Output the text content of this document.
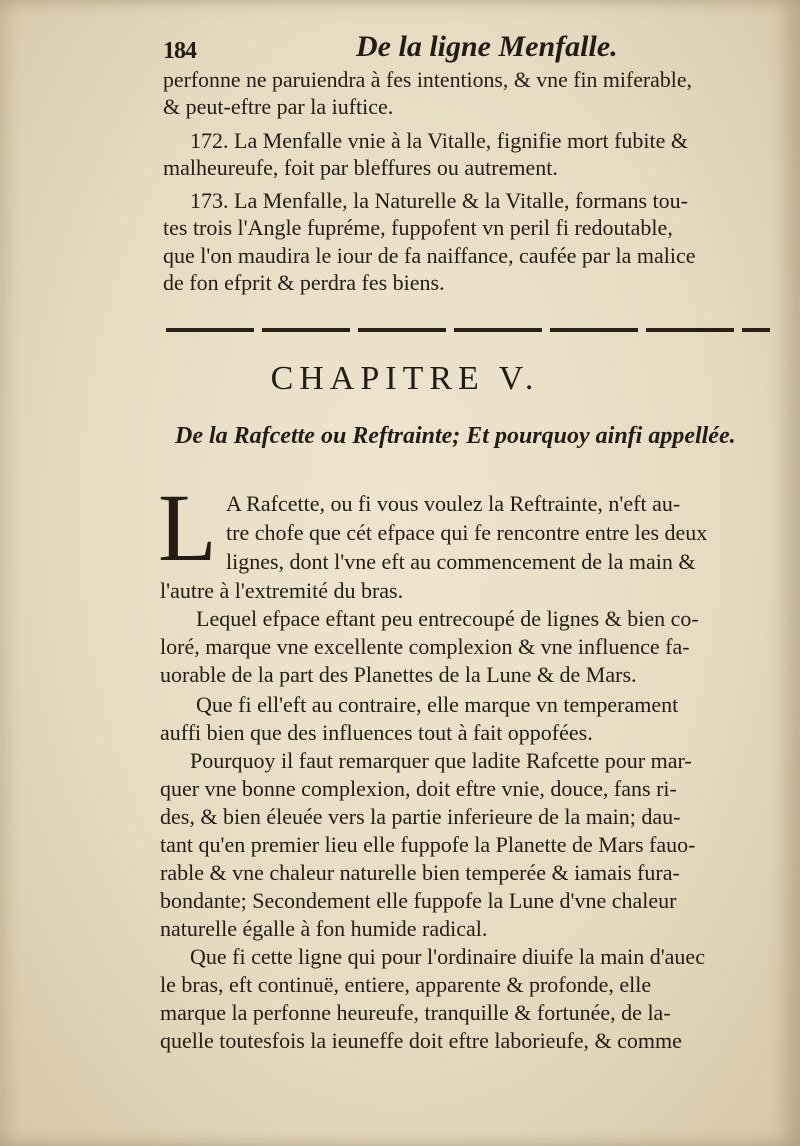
184	De la ligne Menfalle.
perfonne ne paruiendra à fes intentions, & vne fin miferable,
& peut-eftre par la iuftice.
172. La Menfalle vnie à la Vitalle, fignifie mort fubite &
malheureufe, foit par bleffures ou autrement.
173. La Menfalle, la Naturelle & la Vitalle, formans tou-
tes trois l'Angle fupréme, fuppofent vn peril fi redoutable,
que l'on maudira le iour de fa naiffance, caufée par la malice
de fon efprit & perdra fes biens.
CHAPITRE V.
De la Rafcette ou Reftrainte; Et pourquoy ainfi appellée.
L A Rafcette, ou fi vous voulez la Reftrainte, n'eft au-
tre chofe que cét efpace qui fe rencontre entre les deux
lignes, dont l'vne eft au commencement de la main &
l'autre à l'extremité du bras.
Lequel efpace eftant peu entrecoupé de lignes & bien co-
loré, marque vne excellente complexion & vne influence fa-
uorable de la part des Planettes de la Lune & de Mars.
Que fi ell'eft au contraire, elle marque vn temperament
auffi bien que des influences tout à fait oppofées.
Pourquoy il faut remarquer que ladite Rafcette pour mar-
quer vne bonne complexion, doit eftre vnie, douce, fans ri-
des, & bien éleuée vers la partie inferieure de la main; dau-
tant qu'en premier lieu elle fuppofe la Planette de Mars fauo-
rable & vne chaleur naturelle bien temperée & iamais fura-
bondante; Secondement elle fuppofe la Lune d'vne chaleur
naturelle égalle à fon humide radical.
Que fi cette ligne qui pour l'ordinaire diuife la main d'auec
le bras, eft continuë, entiere, apparente & profonde, elle
marque la perfonne heureufe, tranquille & fortunée, de la-
quelle toutesfois la ieuneffe doit eftre laborieufe, & comme
